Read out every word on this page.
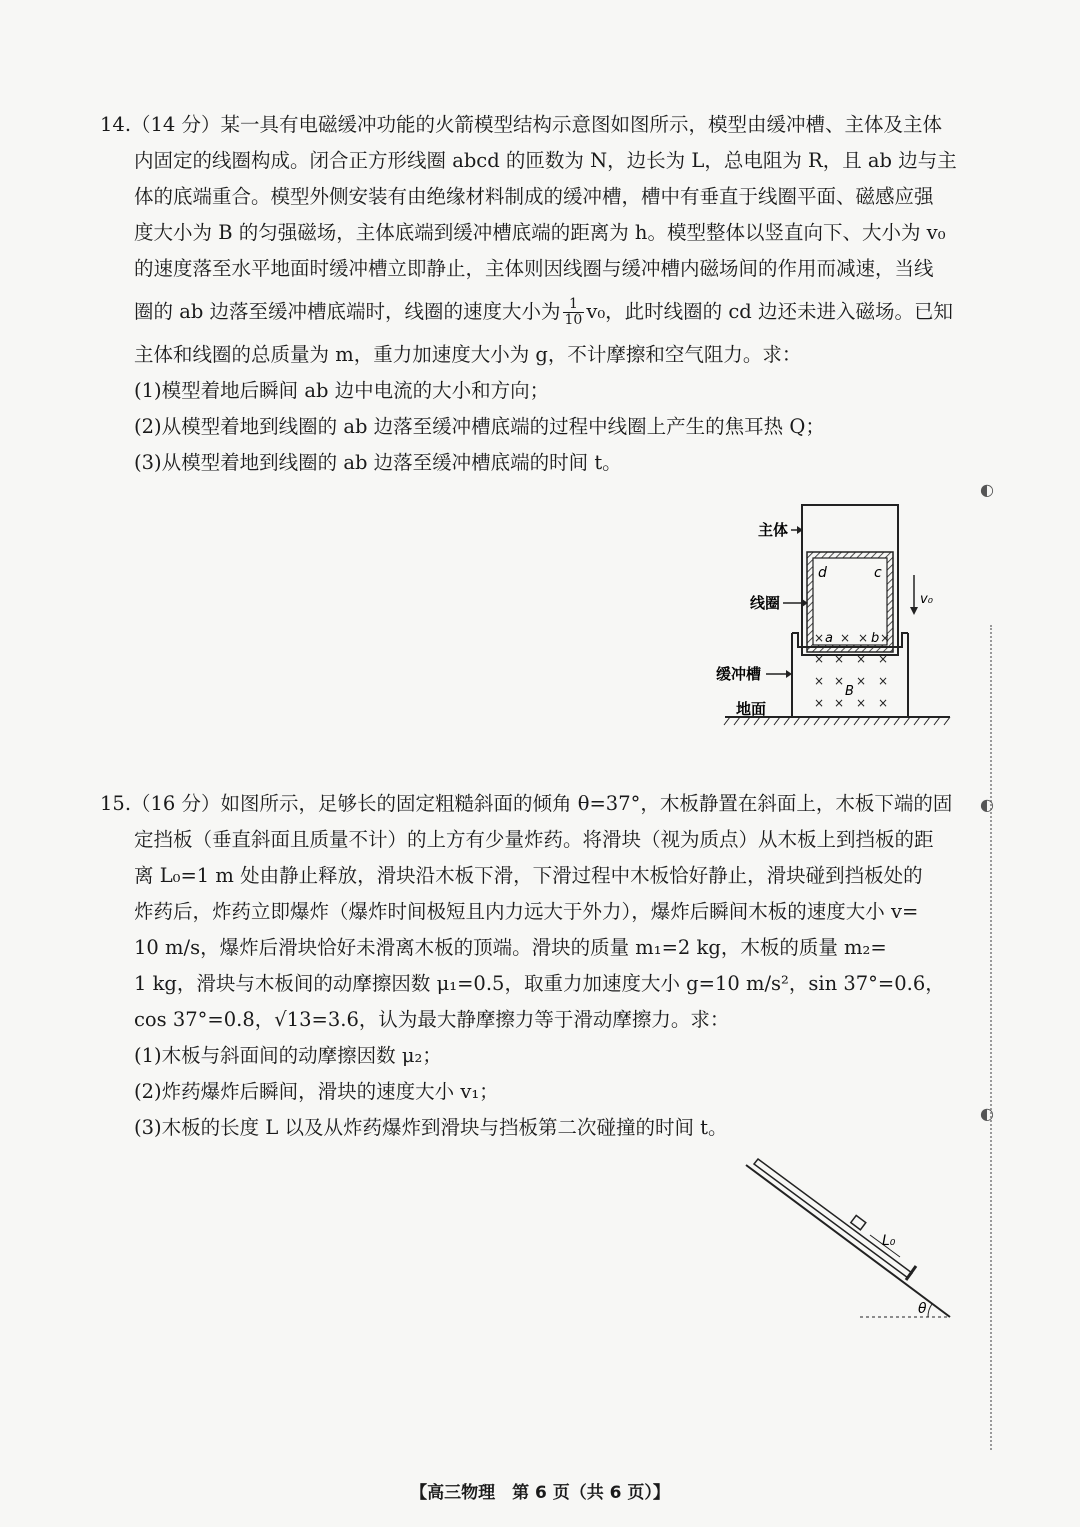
14.（14 分）某一具有电磁缓冲功能的火箭模型结构示意图如图所示，模型由缓冲槽、主体及主体
内固定的线圈构成。闭合正方形线圈 abcd 的匝数为 N，边长为 L，总电阻为 R，且 ab 边与主
体的底端重合。模型外侧安装有由绝缘材料制成的缓冲槽，槽中有垂直于线圈平面、磁感应强
度大小为 B 的匀强磁场，主体底端到缓冲槽底端的距离为 h。模型整体以竖直向下、大小为 v₀
的速度落至水平地面时缓冲槽立即静止，主体则因线圈与缓冲槽内磁场间的作用而减速，当线
圈的 ab 边落至缓冲槽底端时，线圈的速度大小为 $\frac{1}{10} v_0$，此时线圈的 cd 边还未进入磁场。已知
主体和线圈的总质量为 m，重力加速度大小为 g，不计摩擦和空气阻力。求：
(1)模型着地后瞬间 ab 边中电流的大小和方向；
(2)从模型着地到线圈的 ab 边落至缓冲槽底端的过程中线圈上产生的焦耳热 Q；
(3)从模型着地到线圈的 ab 边落至缓冲槽底端的时间 t。
× × × ×
× × × ×
× × × ×
× × × ×
d	c
a	b
B
v₀
主体
线圈
缓冲槽
地面
15.（16 分）如图所示，足够长的固定粗糙斜面的倾角 θ=37°，木板静置在斜面上，木板下端的固
定挡板（垂直斜面且质量不计）的上方有少量炸药。将滑块（视为质点）从木板上到挡板的距
离 L₀=1 m 处由静止释放，滑块沿木板下滑，下滑过程中木板恰好静止，滑块碰到挡板处的
炸药后，炸药立即爆炸（爆炸时间极短且内力远大于外力），爆炸后瞬间木板的速度大小 v=
10 m/s，爆炸后滑块恰好未滑离木板的顶端。滑块的质量 m₁=2 kg，木板的质量 m₂=
1 kg，滑块与木板间的动摩擦因数 μ₁=0.5，取重力加速度大小 g=10 m/s²，sin 37°=0.6，
cos 37°=0.8，√13=3.6，认为最大静摩擦力等于滑动摩擦力。求：
(1)木板与斜面间的动摩擦因数 μ₂；
(2)炸药爆炸后瞬间，滑块的速度大小 v₁；
(3)木板的长度 L 以及从炸药爆炸到滑块与挡板第二次碰撞的时间 t。
L₀
θ
◐
◐
◐
【高三物理　第 6 页（共 6 页）】
